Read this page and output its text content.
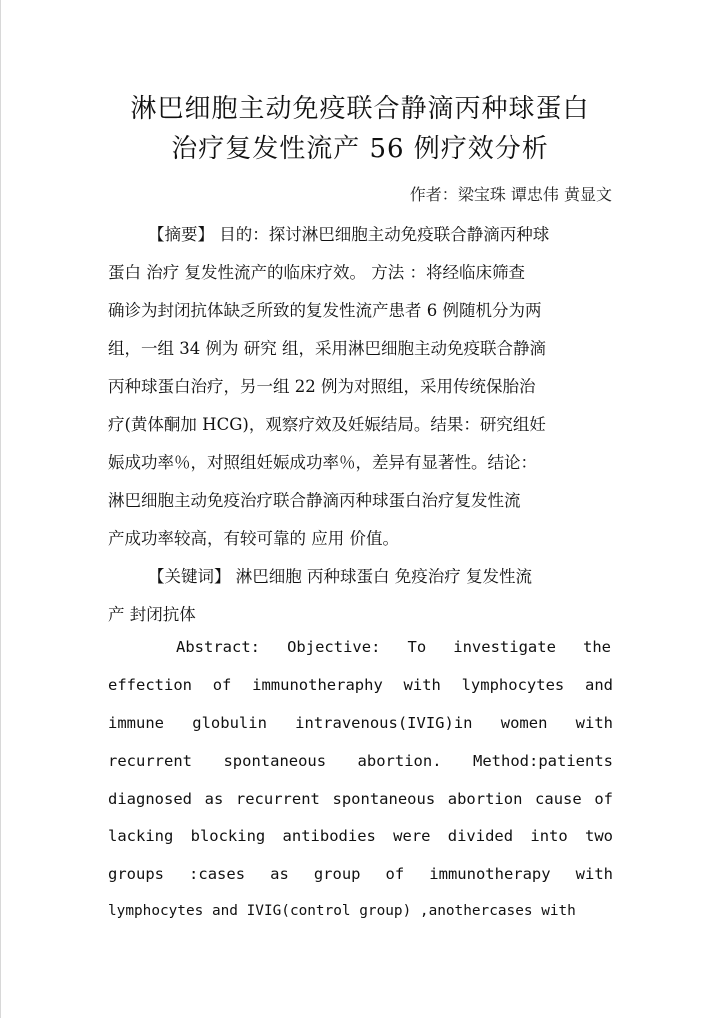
淋巴细胞主动免疫联合静滴丙种球蛋白
治疗复发性流产 56 例疗效分析
作者：梁宝珠 谭忠伟 黄显文
【摘要】 目的：探讨淋巴细胞主动免疫联合静滴丙种球
蛋白 治疗 复发性流产的临床疗效。 方法 ：将经临床筛查
确诊为封闭抗体缺乏所致的复发性流产患者 6 例随机分为两
组，一组 34 例为 研究 组，采用淋巴细胞主动免疫联合静滴
丙种球蛋白治疗，另一组 22 例为对照组，采用传统保胎治
疗(黄体酮加 HCG)，观察疗效及妊娠结局。结果：研究组妊
娠成功率％，对照组妊娠成功率％，差异有显著性。结论：
淋巴细胞主动免疫治疗联合静滴丙种球蛋白治疗复发性流
产成功率较高，有较可靠的 应用 价值。
【关键词】 淋巴细胞 丙种球蛋白 免疫治疗 复发性流
产 封闭抗体
Abstract: Objective: To investigate the
effection of immunotheraphy with lymphocytes and
immune globulin intravenous(IVIG)in women with
recurrent spontaneous abortion. Method:patients
diagnosed as recurrent spontaneous abortion cause of
lacking blocking antibodies were divided into two
groups :cases as group of immunotherapy with
lymphocytes and IVIG(control group) ,anothercases with
